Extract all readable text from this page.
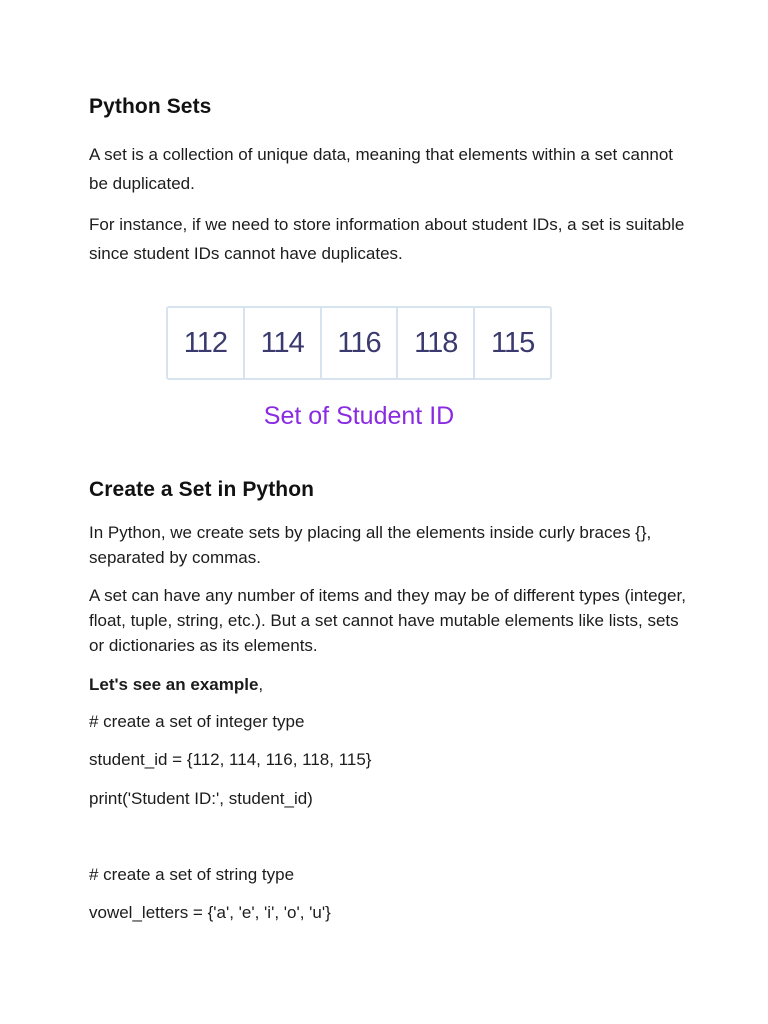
Python Sets

A set is a collection of unique data, meaning that elements within a set cannot be duplicated.

For instance, if we need to store information about student IDs, a set is suitable since student IDs cannot have duplicates.

112	114	116	118	115

Set of Student ID

Create a Set in Python

In Python, we create sets by placing all the elements inside curly braces {}, separated by commas.

A set can have any number of items and they may be of different types (integer, float, tuple, string, etc.). But a set cannot have mutable elements like lists, sets or dictionaries as its elements.

Let's see an example,

# create a set of integer type

student_id = {112, 114, 116, 118, 115}

print('Student ID:', student_id)

# create a set of string type

vowel_letters = {'a', 'e', 'i', 'o', 'u'}
